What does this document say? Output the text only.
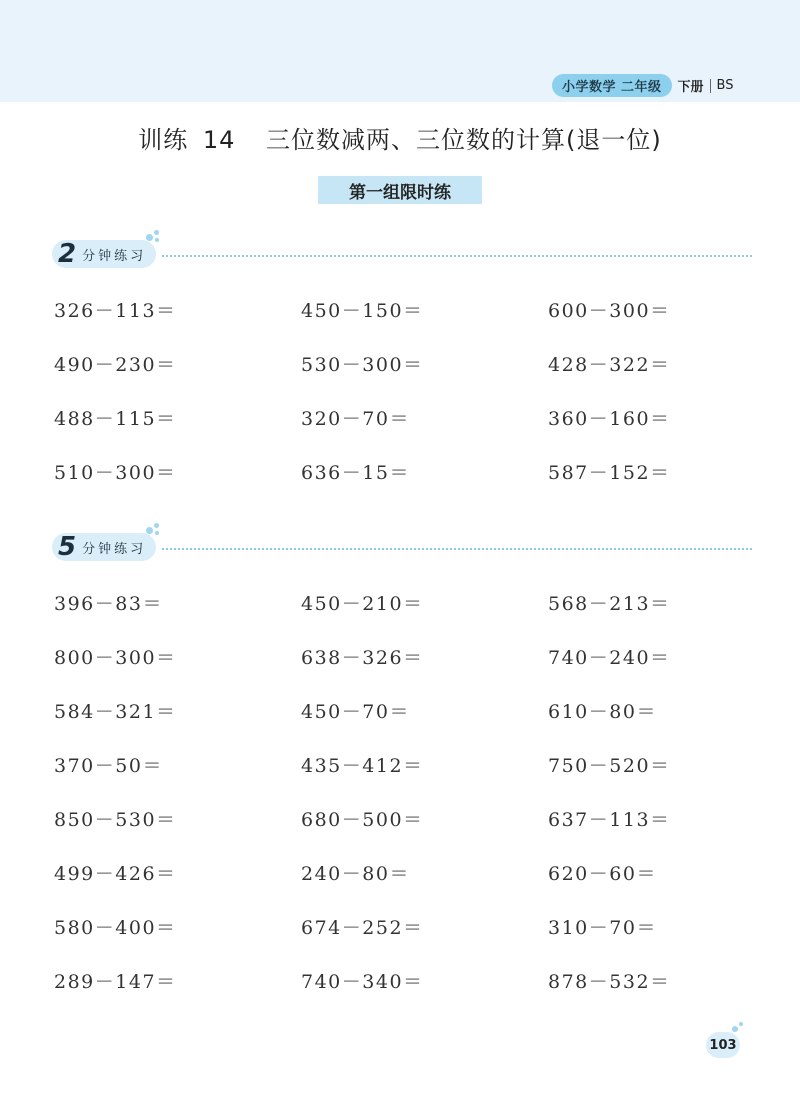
小学数学 二年级	下册 BS
训练 14 三位数减两、三位数的计算(退一位)
第一组限时练
2 分钟练习
326－113＝	450－150＝	600－300＝
490－230＝	530－300＝	428－322＝
488－115＝	320－70＝	360－160＝
510－300＝	636－15＝	587－152＝
5 分钟练习
396－83＝	450－210＝	568－213＝
800－300＝	638－326＝	740－240＝
584－321＝	450－70＝	610－80＝
370－50＝	435－412＝	750－520＝
850－530＝	680－500＝	637－113＝
499－426＝	240－80＝	620－60＝
580－400＝	674－252＝	310－70＝
289－147＝	740－340＝	878－532＝
103
